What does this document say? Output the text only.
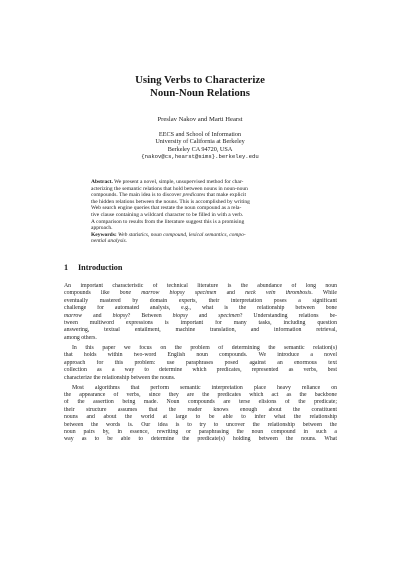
Using Verbs to Characterize
Noun-Noun Relations
Preslav Nakov and Marti Hearst
EECS and School of Information
University of California at Berkeley
Berkeley CA 94720, USA
{nakov@cs,hearst@sims}.berkeley.edu
Abstract. We present a novel, simple, unsupervised method for char-
acterizing the semantic relations that hold between nouns in noun-noun
compounds. The main idea is to discover predicates that make explicit
the hidden relations between the nouns. This is accomplished by writing
Web search engine queries that restate the noun compound as a rela-
tive clause containing a wildcard character to be filled in with a verb.
A comparison to results from the literature suggest this is a promising
approach.
Keywords: Web statistics, noun compound, lexical semantics, compo-
nential analysis.
1 Introduction
An important characteristic of technical literature is the abundance of long noun
compounds like bone marrow biopsy specimen and neck vein thrombosis. While
eventually mastered by domain experts, their interpretation poses a significant
challenge for automated analysis, e.g., what is the relationship between bone
marrow and biopsy? Between biopsy and specimen? Understanding relations be-
tween multiword expressions is important for many tasks, including question
answering, textual entailment, machine translation, and information retrieval,
among others.
In this paper we focus on the problem of determining the semantic relation(s)
that holds within two-word English noun compounds. We introduce a novel
approach for this problem: use paraphrases posed against an enormous text
collection as a way to determine which predicates, represented as verbs, best
characterize the relationship between the nouns.
Most algorithms that perform semantic interpretation place heavy reliance on
the appearance of verbs, since they are the predicates which act as the backbone
of the assertion being made. Noun compounds are terse elisions of the predicate;
their structure assumes that the reader knows enough about the constituent
nouns and about the world at large to be able to infer what the relationship
between the words is. Our idea is to try to uncover the relationship between the
noun pairs by, in essence, rewriting or paraphrasing the noun compound in such a
way as to be able to determine the predicate(s) holding between the nouns. What
